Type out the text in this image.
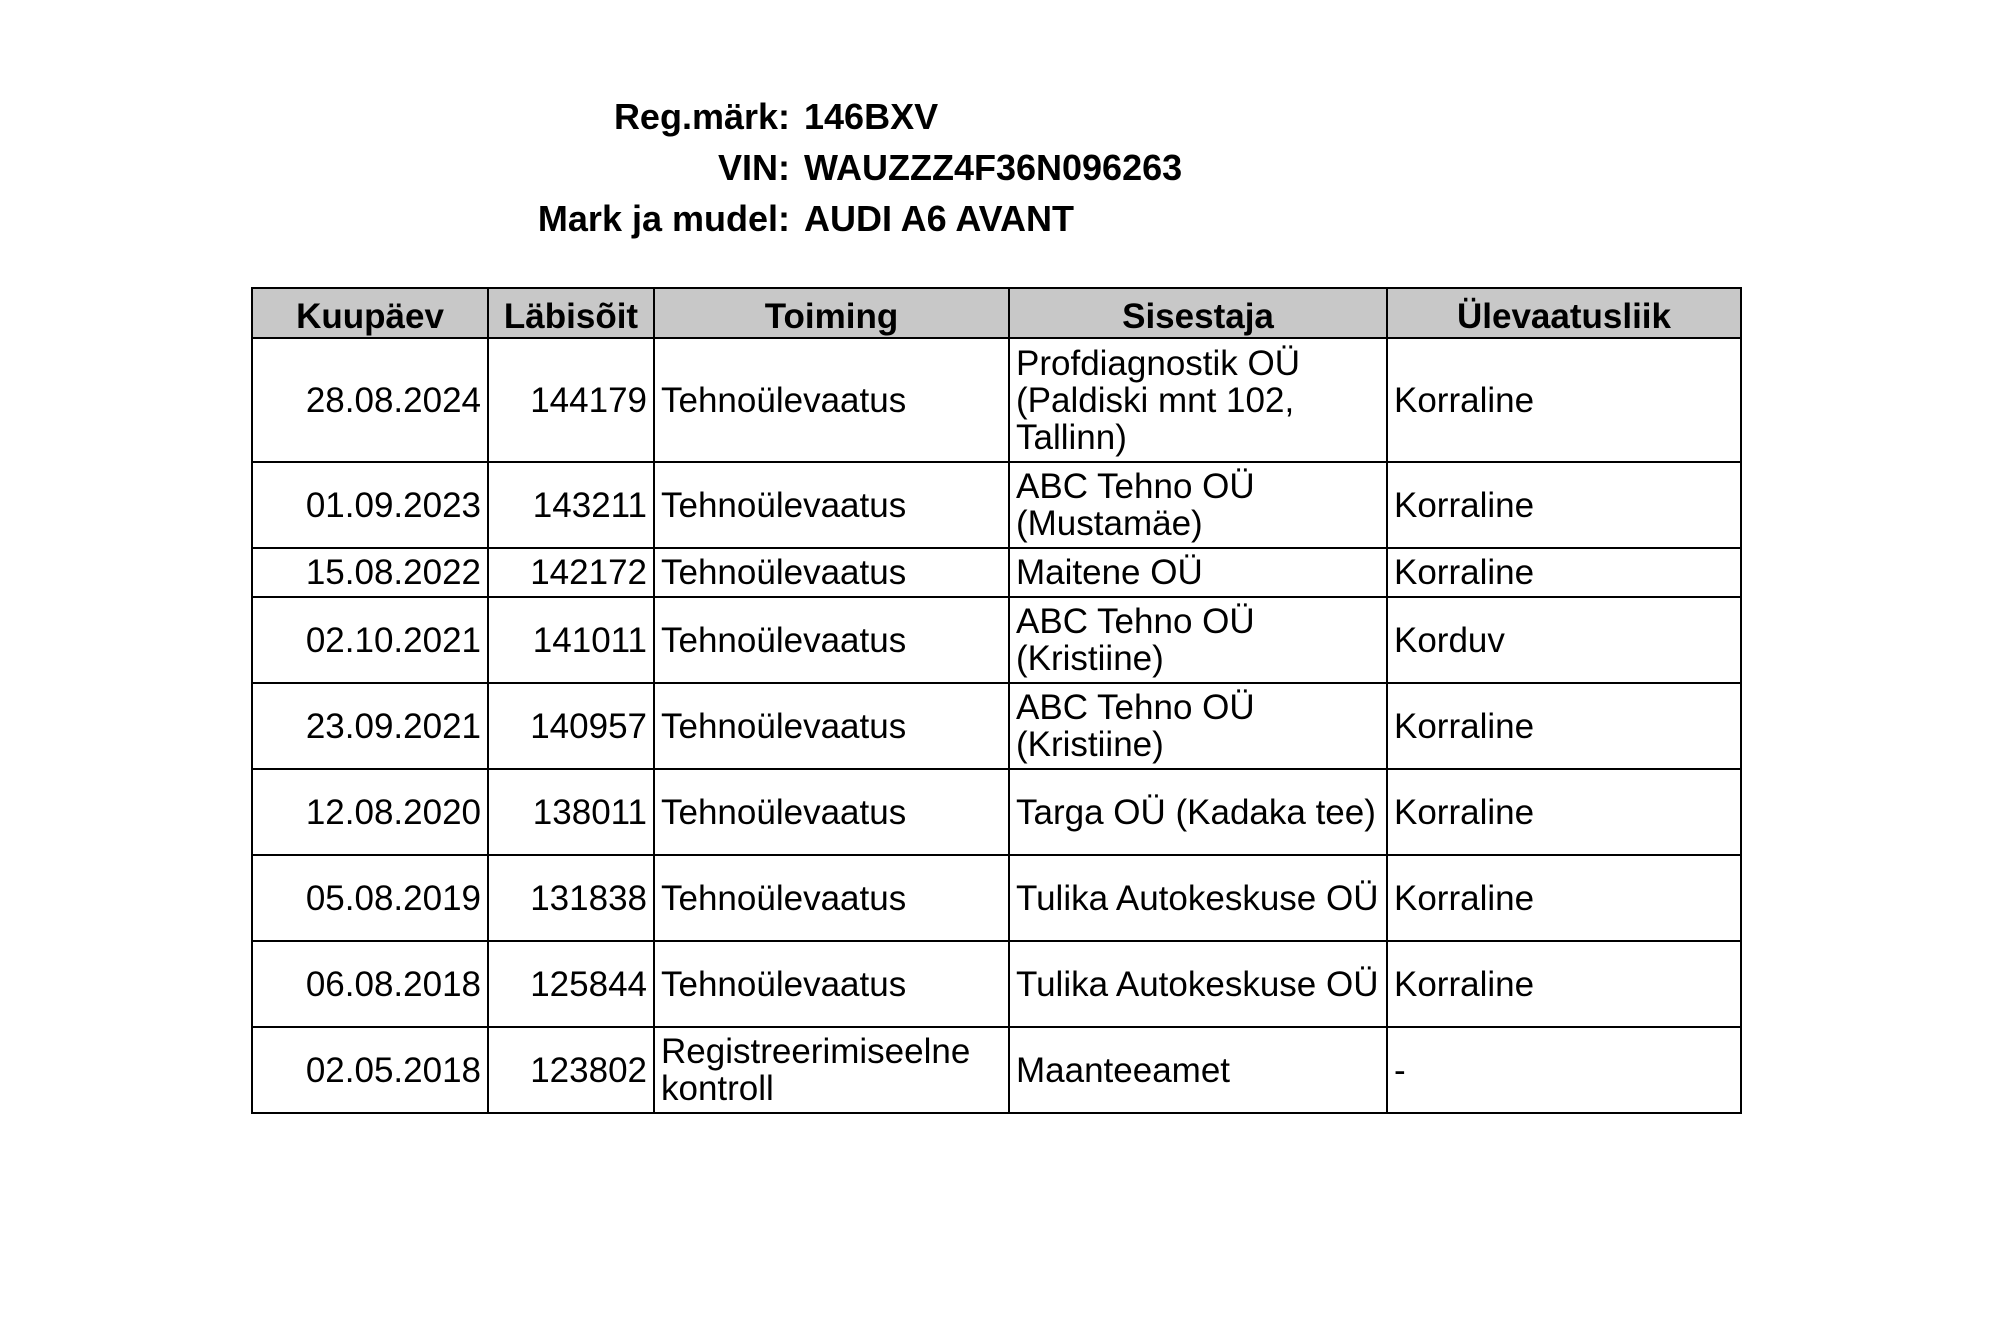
Reg.märk: 146BXV
VIN: WAUZZZ4F36N096263
Mark ja mudel: AUDI A6 AVANT
Kuupäev	Läbisõit	Toiming	Sisestaja	Ülevaatusliik
28.08.2024	144179	Tehnoülevaatus	Profdiagnostik OÜ (Paldiski mnt 102, Tallinn)	Korraline
01.09.2023	143211	Tehnoülevaatus	ABC Tehno OÜ (Mustamäe)	Korraline
15.08.2022	142172	Tehnoülevaatus	Maitene OÜ	Korraline
02.10.2021	141011	Tehnoülevaatus	ABC Tehno OÜ (Kristiine)	Korduv
23.09.2021	140957	Tehnoülevaatus	ABC Tehno OÜ (Kristiine)	Korraline
12.08.2020	138011	Tehnoülevaatus	Targa OÜ (Kadaka tee)	Korraline
05.08.2019	131838	Tehnoülevaatus	Tulika Autokeskuse OÜ	Korraline
06.08.2018	125844	Tehnoülevaatus	Tulika Autokeskuse OÜ	Korraline
02.05.2018	123802	Registreerimiseelne kontroll	Maanteeamet	-
